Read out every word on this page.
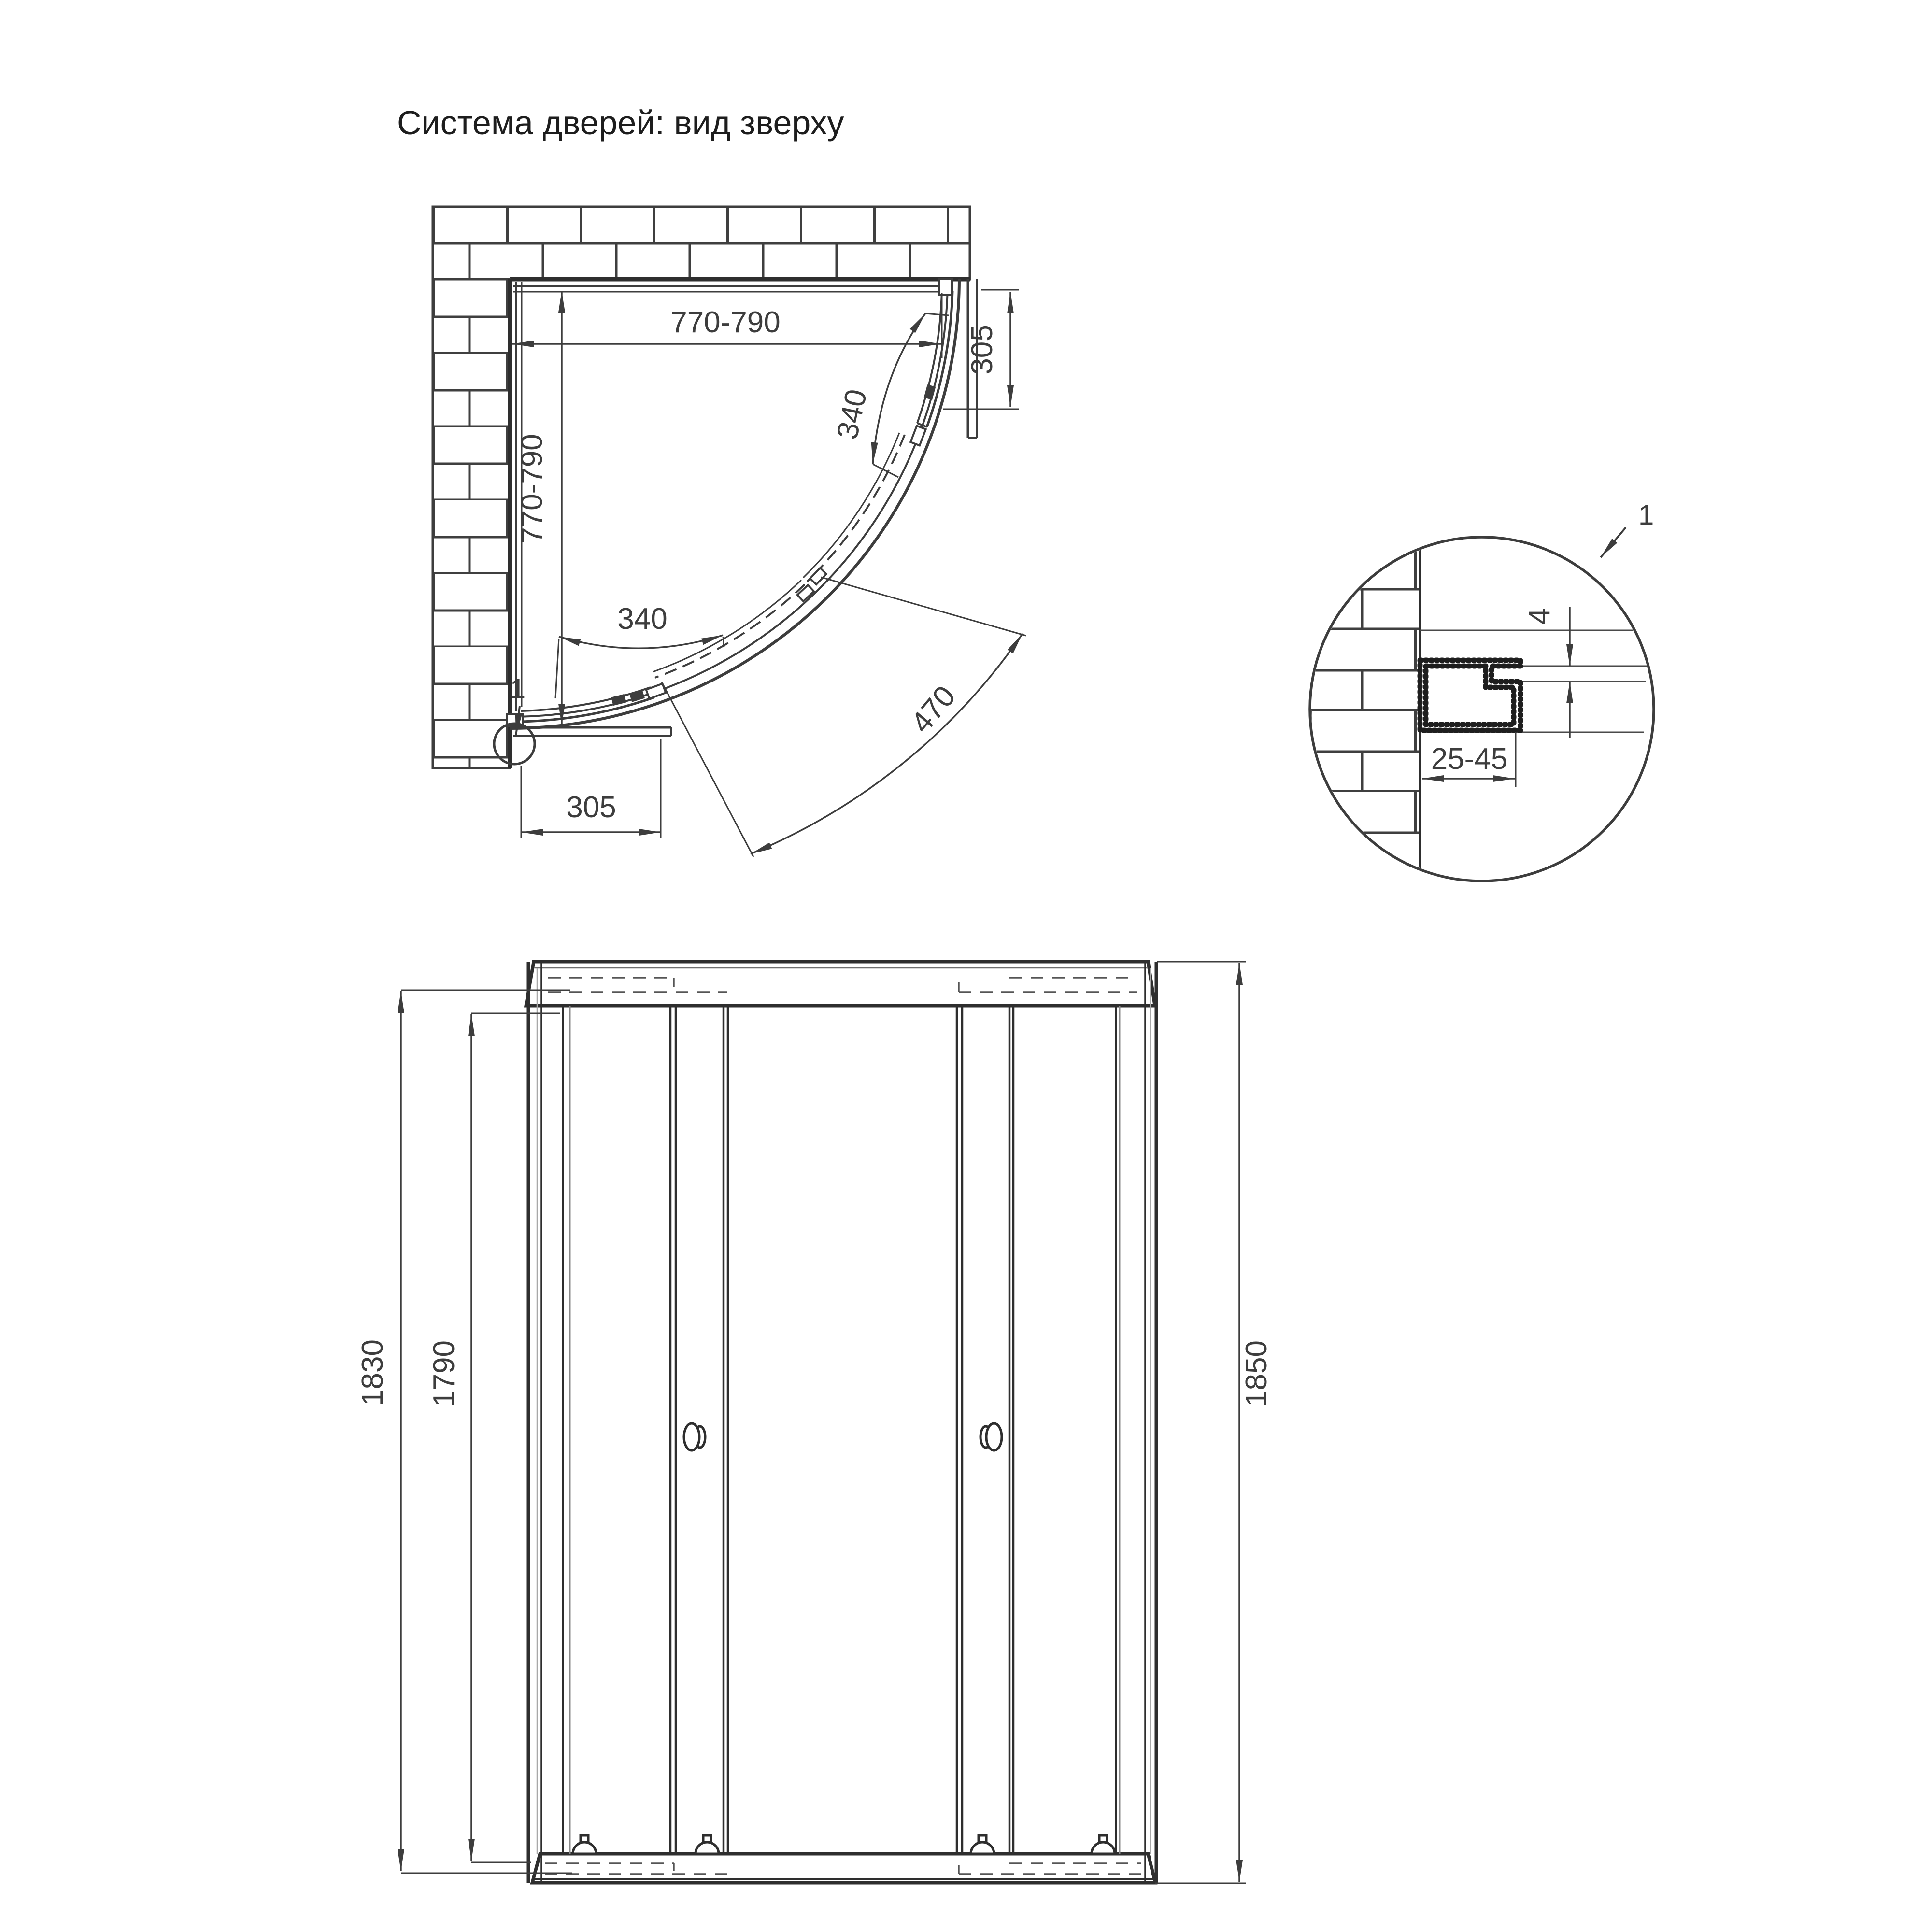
Система дверей: вид зверху
1
770-790
770-790
305
340
340
305
470
4
25-45
1
1830 1790	1850
